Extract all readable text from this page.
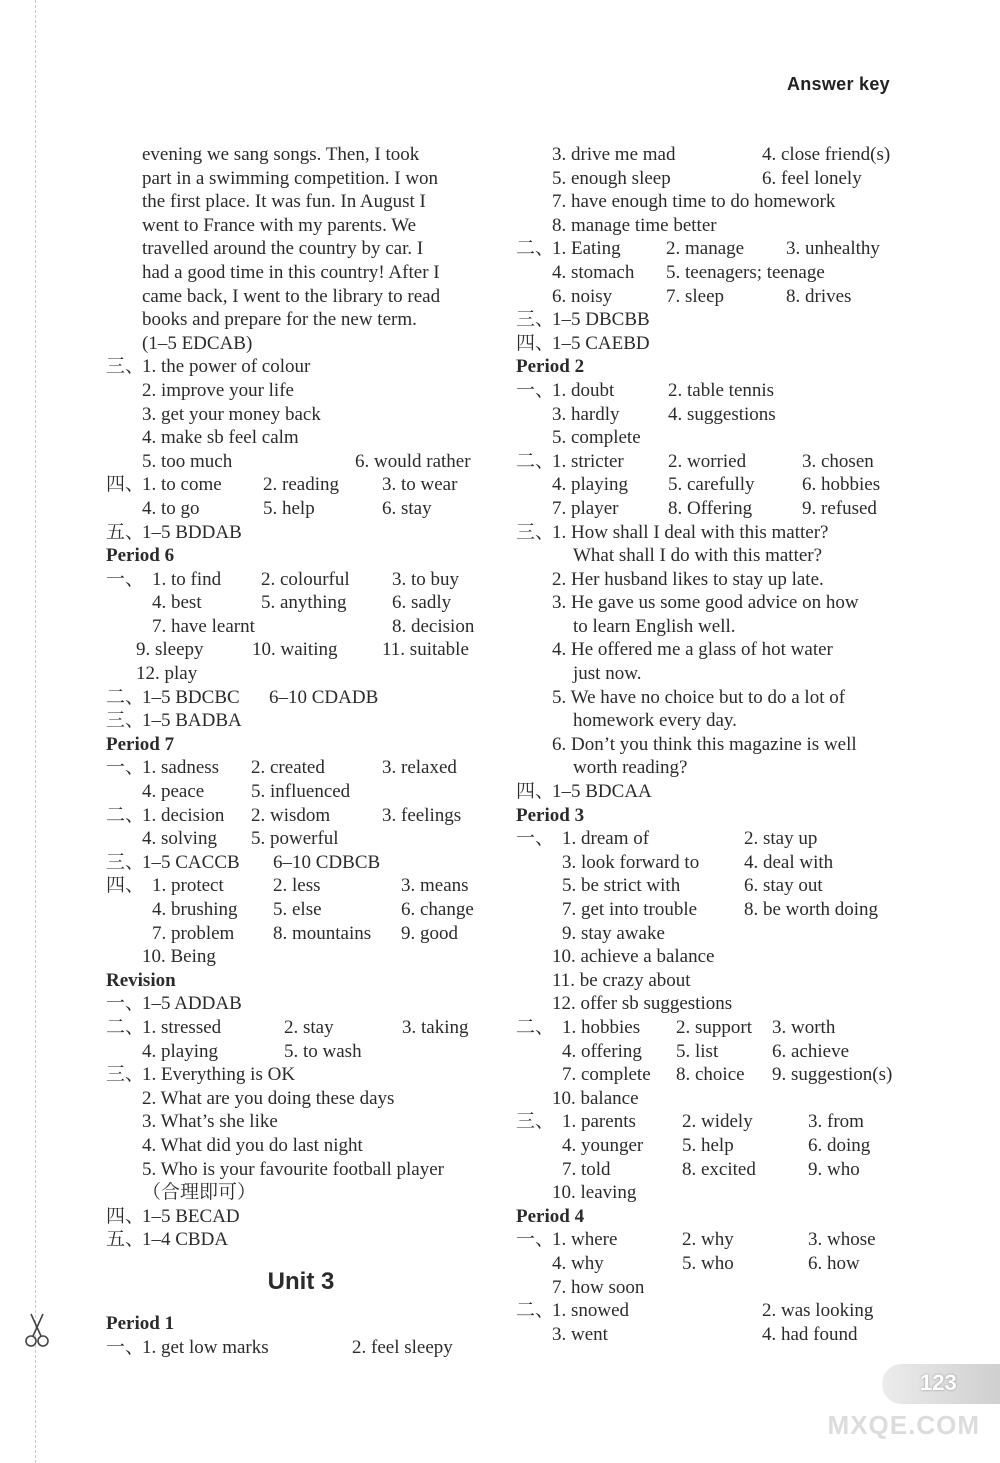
Answer key
evening we sang songs. Then, I took
part in a swimming competition. I won
the first place. It was fun. In August I
went to France with my parents. We
travelled around the country by car. I
had a good time in this country! After I
came back, I went to the library to read
books and prepare for the new term.
(1–5 EDCAB)
三、
1. the power of colour
2. improve your life
3. get your money back
4. make sb feel calm
5. too much	6. would rather
四、
1. to come 2. reading 3. to wear
4. to go	5. help	6. stay
五、
1–5 BDDAB
Period 6
一、 1. to find 2. colourful 3. to buy
4. best	5. anything 6. sadly
7. have learnt	8. decision
9. sleepy	10. waiting 11. suitable
12. play
二、
1–5 BDCBC 6–10 CDADB
三、
1–5 BADBA
Period 7
一、
1. sadness 2. created	3. relaxed
4. peace 5. influenced
二、
1. decision 2. wisdom	3. feelings
4. solving 5. powerful
三、
1–5 CACCB 6–10 CDBCB
四、 1. protect	2. less	3. means
4. brushing 5. else	6. change
7. problem 8. mountains 9. good
10. Being
Revision
一、
1–5 ADDAB
二、
1. stressed	2. stay	3. taking
4. playing	5. to wash
三、
1. Everything is OK
2. What are you doing these days
3. What’s she like
4. What did you do last night
5. Who is your favourite football player
（合理即可）
四、
1–5 BECAD
五、
1–4 CBDA
Unit 3
Period 1
一、
1. get low marks	2. feel sleepy
3. drive me mad	4. close friend(s)
5. enough sleep	6. feel lonely
7. have enough time to do homework
8. manage time better
二、
1. Eating 2. manage 3. unhealthy
4. stomach 5. teenagers; teenage
6. noisy	7. sleep	8. drives
三、
1–5 DBCBB
四、
1–5 CAEBD
Period 2
一、
1. doubt	2. table tennis
3. hardly	4. suggestions
5. complete
二、
1. stricter 2. worried	3. chosen
4. playing 5. carefully 6. hobbies
7. player	8. Offering	9. refused
三、
1. How shall I deal with this matter?
What shall I do with this matter?
2. Her husband likes to stay up late.
3. He gave us some good advice on how
to learn English well.
4. He offered me a glass of hot water
just now.
5. We have no choice but to do a lot of
homework every day.
6. Don’t you think this magazine is well
worth reading?
四、
1–5 BDCAA
Period 3
一、 1. dream of	2. stay up
3. look forward to 4. deal with
5. be strict with	6. stay out
7. get into trouble 8. be worth doing
9. stay awake
10. achieve a balance
11. be crazy about
12. offer sb suggestions
二、 1. hobbies 2. support 3. worth
4. offering 5. list	6. achieve
7. complete 8. choice 9. suggestion(s)
10. balance
三、 1. parents 2. widely	3. from
4. younger 5. help	6. doing
7. told	8. excited	9. who
10. leaving
Period 4
一、
1. where	2. why	3. whose
4. why	5. who	6. how
7. how soon
二、
1. snowed	2. was looking
3. went	4. had found
123
MXQE.COM
